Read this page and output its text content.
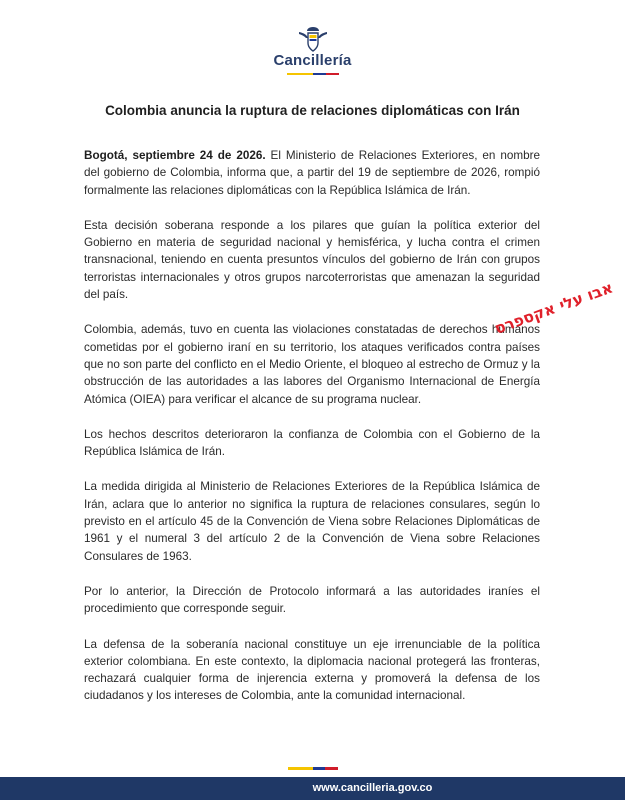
Cancillería
Colombia anuncia la ruptura de relaciones diplomáticas con Irán

Bogotá, septiembre 24 de 2026. El Ministerio de Relaciones Exteriores, en nombre del gobierno de Colombia, informa que, a partir del 19 de septiembre de 2026, rompió formalmente las relaciones diplomáticas con la República Islámica de Irán.

Esta decisión soberana responde a los pilares que guían la política exterior del Gobierno en materia de seguridad nacional y hemisférica, y lucha contra el crimen transnacional, teniendo en cuenta presuntos vínculos del gobierno de Irán con grupos terroristas internacionales y otros grupos narcoterroristas que amenazan la seguridad del país.

Colombia, además, tuvo en cuenta las violaciones constatadas de derechos humanos cometidas por el gobierno iraní en su territorio, los ataques verificados contra países que no son parte del conflicto en el Medio Oriente, el bloqueo al estrecho de Ormuz y la obstrucción de las autoridades a las labores del Organismo Internacional de Energía Atómica (OIEA) para verificar el alcance de su programa nuclear.

Los hechos descritos deterioraron la confianza de Colombia con el Gobierno de la República Islámica de Irán.

La medida dirigida al Ministerio de Relaciones Exteriores de la República Islámica de Irán, aclara que lo anterior no significa la ruptura de relaciones consulares, según lo previsto en el artículo 45 de la Convención de Viena sobre Relaciones Diplomáticas de 1961 y el numeral 3 del artículo 2 de la Convención de Viena sobre Relaciones Consulares de 1963.

Por lo anterior, la Dirección de Protocolo informará a las autoridades iraníes el procedimiento que corresponde seguir.

La defensa de la soberanía nacional constituye un eje irrenunciable de la política exterior colombiana. En este contexto, la diplomacia nacional protegerá las fronteras, rechazará cualquier forma de injerencia externa y promoverá la defensa de los ciudadanos y los intereses de Colombia, ante la comunidad internacional.

אבו עלי אקספרס
www.cancilleria.gov.co
